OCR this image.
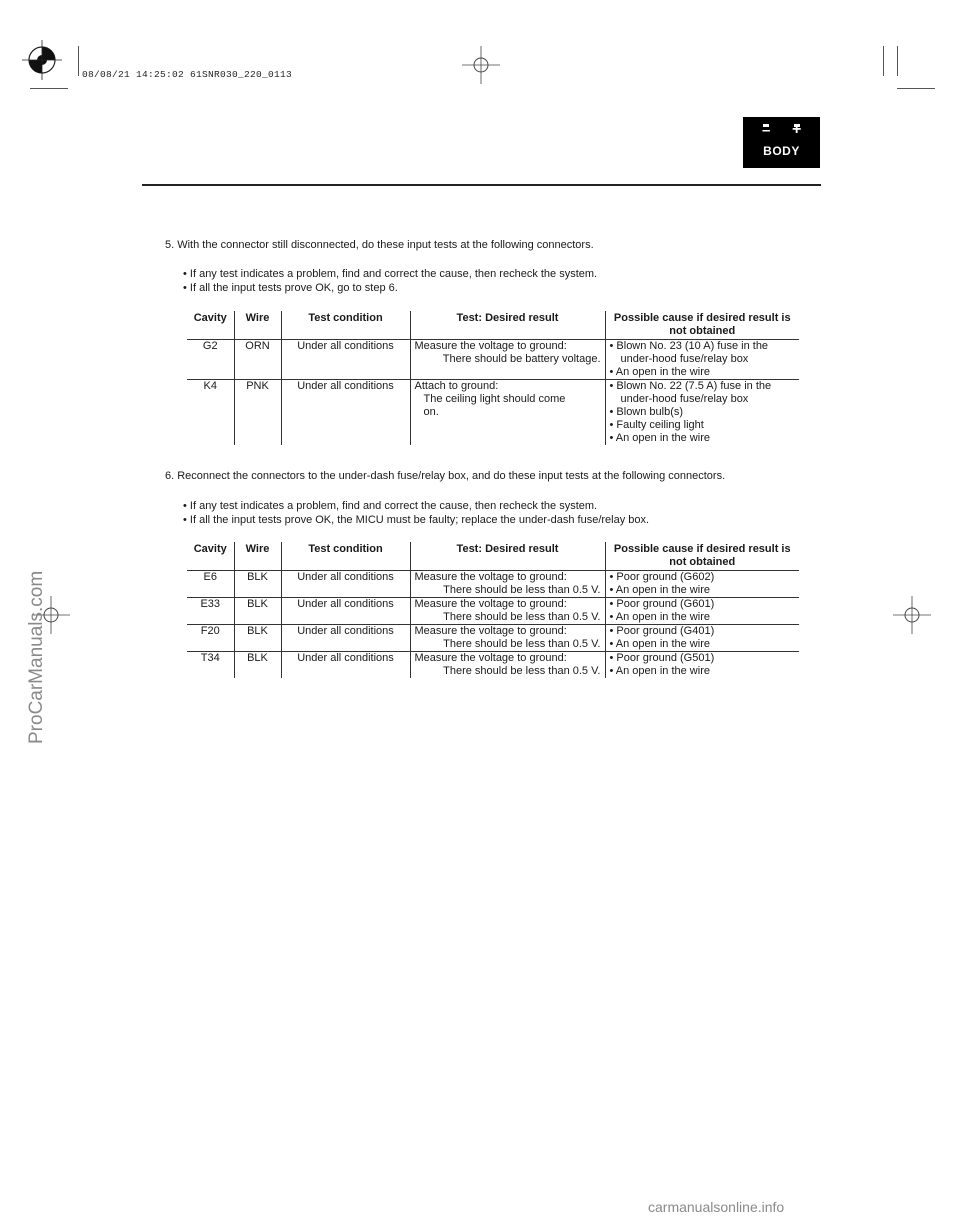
08/08/21 14:25:02 61SNR030_220_0113
– +
BODY
5. With the connector still disconnected, do these input tests at the following connectors.
• If any test indicates a problem, find and correct the cause, then recheck the system.
• If all the input tests prove OK, go to step 6.
Cavity	Wire	Test condition	Test: Desired result	Possible cause if desired result is not obtained
G2	ORN	Under all conditions	Measure the voltage to ground:
There should be battery voltage.	• Blown No. 23 (10 A) fuse in the under-hood fuse/relay box
• An open in the wire

K4	PNK	Under all conditions	Attach to ground:
The ceiling light should come
on.	• Blown No. 22 (7.5 A) fuse in the under-hood fuse/relay box
• Blown bulb(s)
• Faulty ceiling light
• An open in the wire
6. Reconnect the connectors to the under-dash fuse/relay box, and do these input tests at the following connectors.
• If any test indicates a problem, find and correct the cause, then recheck the system.
• If all the input tests prove OK, the MICU must be faulty; replace the under-dash fuse/relay box.
Cavity	Wire	Test condition	Test: Desired result	Possible cause if desired result is not obtained
E6	BLK	Under all conditions	Measure the voltage to ground:
There should be less than 0.5 V.	• Poor ground (G602)
• An open in the wire

E33	BLK	Under all conditions	Measure the voltage to ground:
There should be less than 0.5 V.	• Poor ground (G601)
• An open in the wire

F20	BLK	Under all conditions	Measure the voltage to ground:
There should be less than 0.5 V.	• Poor ground (G401)
• An open in the wire

T34	BLK	Under all conditions	Measure the voltage to ground:
There should be less than 0.5 V.	• Poor ground (G501)
• An open in the wire
ProCarManuals.com
carmanualsonline.info
